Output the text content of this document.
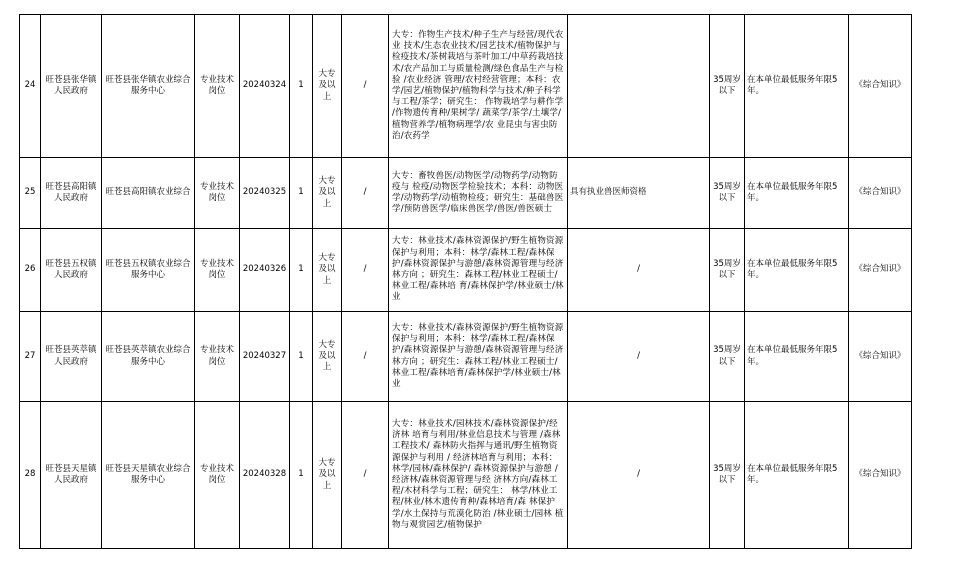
24	旺苍县张华镇人民政府	旺苍县张华镇农业综合服务中心	专业技术岗位	20240324	1	大专及以上	/	大专：作物生产技术/种子生产与经营/现代农业 技术/生态农业技术/园艺技术/植物保护与检疫技术/茶树栽培与茶叶加工/中草药栽培技术/农产品加工与质量检测/绿色食品生产与检验 /农业经济 管理/农村经营管理；本科：农学/园艺/植物保护/植物科学与技术/种子科学与工程/茶学；研究生： 作物栽培学与耕作学 /作物遗传育种/果树学/ 蔬菜学/茶学/土壤学/植物营养学/植物病理学/农 业昆虫与害虫防治/农药学		35周岁以下	在本单位最低服务年限5年。	《综合知识》
25	旺苍县高阳镇人民政府	旺苍县高阳镇农业综合	专业技术岗位	20240325	1	大专及以上	/	大专：畜牧兽医/动物医学/动物药学/动物防疫与 检疫/动物医学检验技术；本科：动物医学/动物药学/动植物检疫；研究生：基础兽医学/预防兽医学/临床兽医学/兽医/兽医硕士	具有执业兽医师资格	35周岁以下	在本单位最低服务年限5年。	《综合知识》
26	旺苍县五权镇人民政府	旺苍县五权镇农业综合服务中心	专业技术岗位	20240326	1	大专及以上	/	大专：林业技术/森林资源保护/野生植物资源保护与利用；本科：林学/森林工程/森林保护/森林资源保护与游憩/森林资源管理与经济林方向 ；研究生：森林工程/林业工程硕士/林业工程/森林培 育/森林保护学/林业硕士/林业	/	35周岁以下	在本单位最低服务年限5年。	《综合知识》
27	旺苍县英萃镇人民政府	旺苍县英萃镇农业综合服务中心	专业技术岗位	20240327	1	大专及以上	/	大专：林业技术/森林资源保护/野生植物资源保护与利用；本科：林学/森林工程/森林保护/森林资源保护与游憩/森林资源管理与经济林方向 ；研究生：森林工程/林业工程硕士/林业工程/森林培育/森林保护学/林业硕士/林业	/	35周岁以下	在本单位最低服务年限5年。	《综合知识》
28	旺苍县天星镇人民政府	旺苍县天星镇农业综合服务中心	专业技术岗位	20240328	1	大专及以上	/	大专：林业技术/园林技术/森林资源保护/经济林 培育与利用/林业信息技术与管理 /森林工程技术/ 森林防火指挥与通讯/野生植物资源保护与利用 / 经济林培育与利用；本科：林学/园林/森林保护/ 森林资源保护与游憩 /经济林/森林资源管理与经 济林方向/森林工程/木材科学与工程；研究生： 林学/林业工程/林业/林木遗传育种/森林培育/森 林保护学/水土保持与荒漠化防治 /林业硕士/园林 植物与观赏园艺/植物保护	/	35周岁以下	在本单位最低服务年限5年。	《综合知识》
